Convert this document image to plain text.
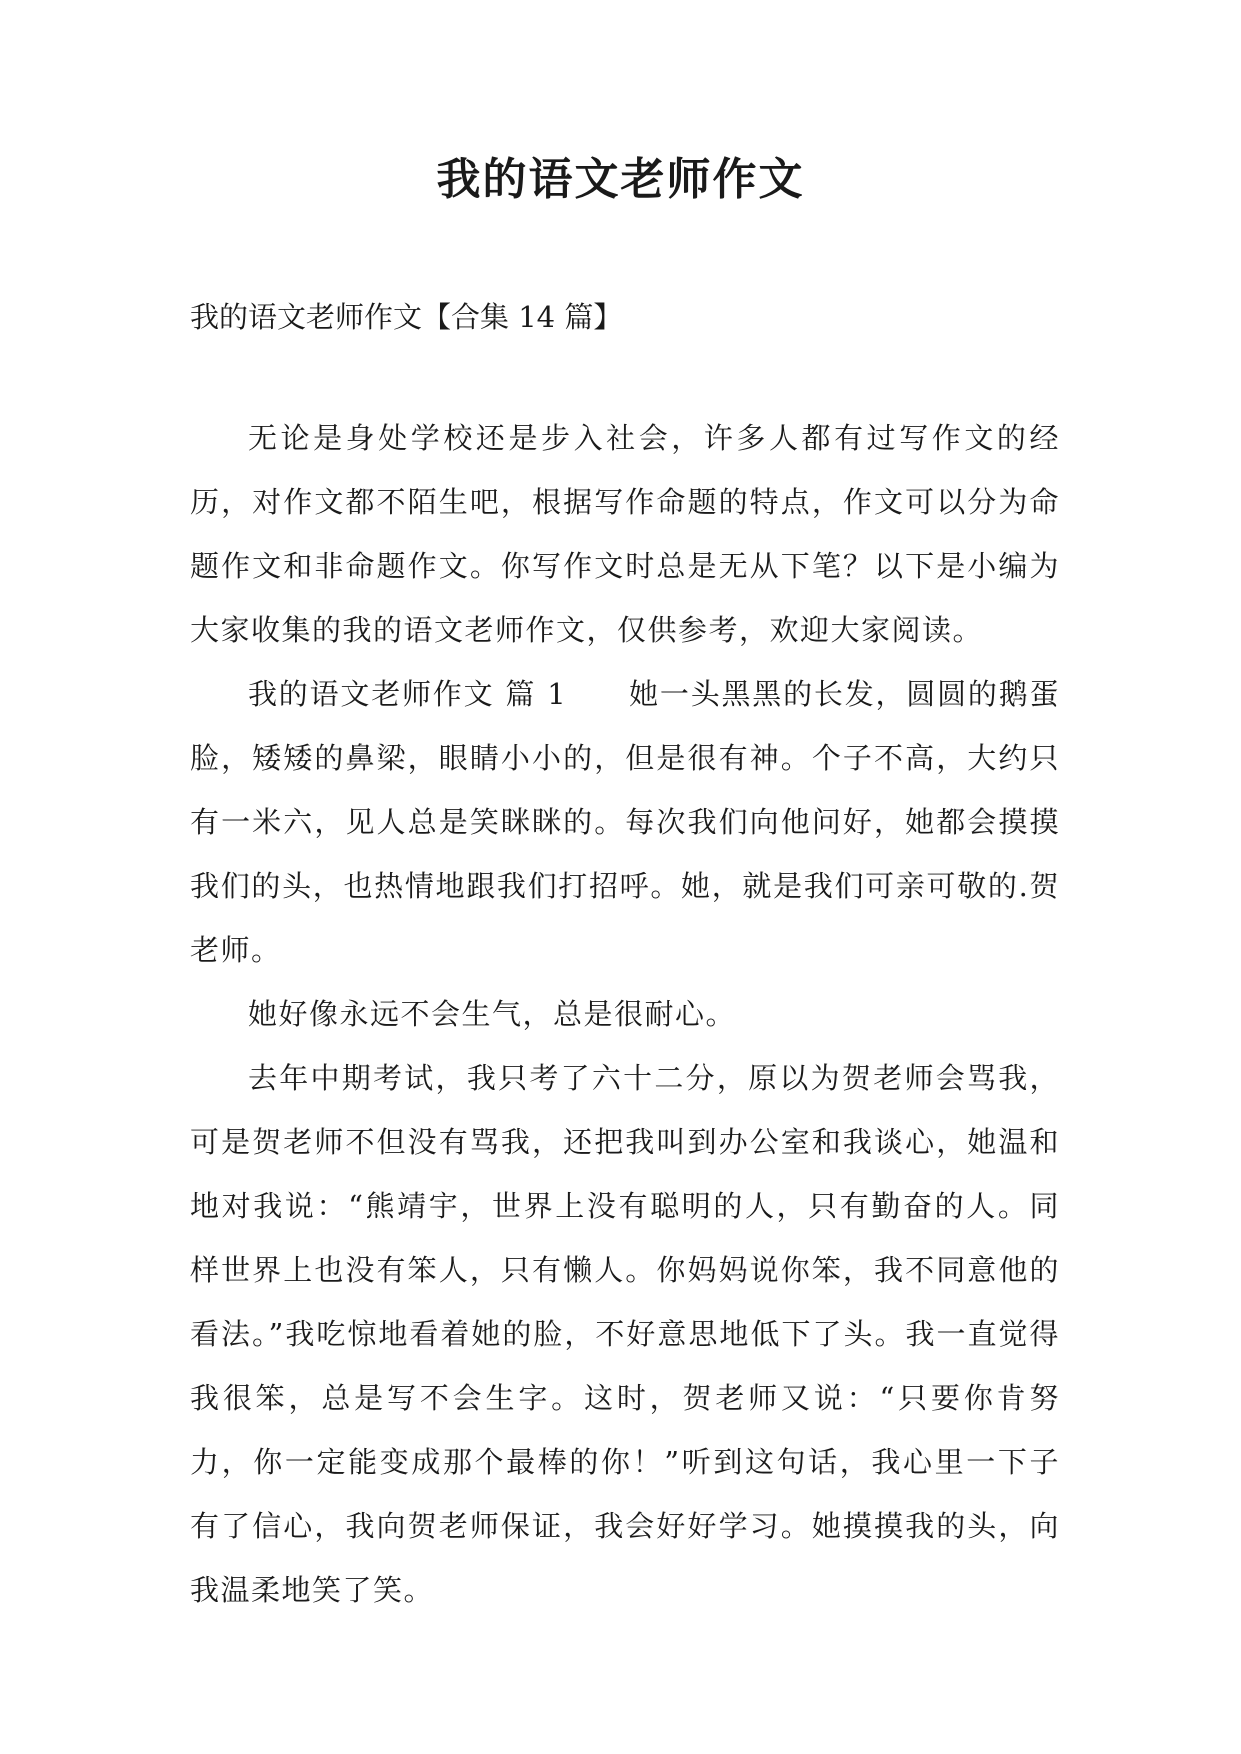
我的语文老师作文
我的语文老师作文【合集 14 篇】

无论是身处学校还是步入社会，许多人都有过写作文的经历，对作文都不陌生吧，根据写作命题的特点，作文可以分为命题作文和非命题作文。你写作文时总是无从下笔？以下是小编为大家收集的我的语文老师作文，仅供参考，欢迎大家阅读。

我的语文老师作文 篇 1　　她一头黑黑的长发，圆圆的鹅蛋脸，矮矮的鼻梁，眼睛小小的，但是很有神。个子不高，大约只有一米六，见人总是笑眯眯的。每次我们向他问好，她都会摸摸我们的头，也热情地跟我们打招呼。她，就是我们可亲可敬的.贺老师。

她好像永远不会生气，总是很耐心。

去年中期考试，我只考了六十二分，原以为贺老师会骂我，可是贺老师不但没有骂我，还把我叫到办公室和我谈心，她温和地对我说：“熊靖宇，世界上没有聪明的人，只有勤奋的人。同样世界上也没有笨人，只有懒人。你妈妈说你笨，我不同意他的看法。”我吃惊地看着她的脸，不好意思地低下了头。我一直觉得我很笨，总是写不会生字。这时，贺老师又说：“只要你肯努力，你一定能变成那个最棒的你！”听到这句话，我心里一下子有了信心，我向贺老师保证，我会好好学习。她摸摸我的头，向我温柔地笑了笑。
